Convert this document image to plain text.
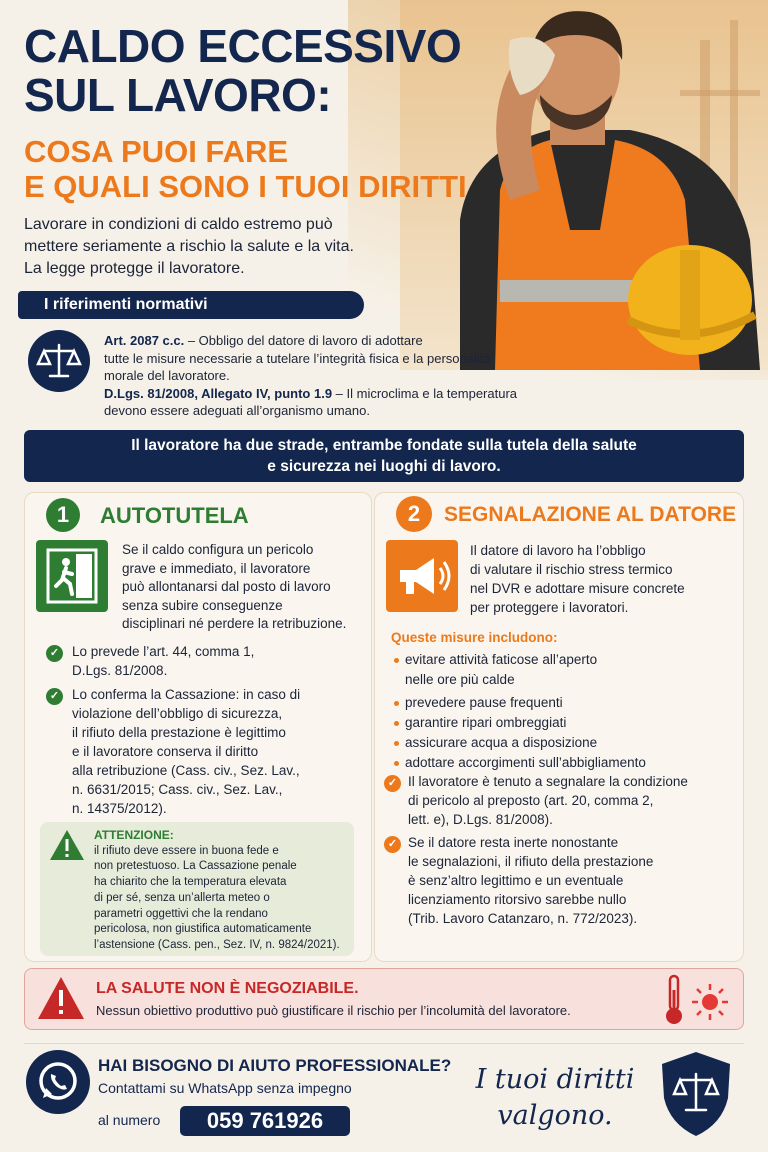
CALDO ECCESSIVO
SUL LAVORO:
COSA PUOI FARE
E QUALI SONO I TUOI DIRITTI
Lavorare in condizioni di caldo estremo può
mettere seriamente a rischio la salute e la vita.
La legge protegge il lavoratore.
I riferimenti normativi
Art. 2087 c.c. – Obbligo del datore di lavoro di adottare
tutte le misure necessarie a tutelare l’integrità fisica e la personalità
morale del lavoratore.
D.Lgs. 81/2008, Allegato IV, punto 1.9 – Il microclima e la temperatura
devono essere adeguati all’organismo umano.
Il lavoratore ha due strade, entrambe fondate sulla tutela della salute
e sicurezza nei luoghi di lavoro.
1	AUTOTUTELA
Se il caldo configura un pericolo
grave e immediato, il lavoratore
può allontanarsi dal posto di lavoro
senza subire conseguenze
disciplinari né perdere la retribuzione.
✓ Lo prevede l’art. 44, comma 1,
D.Lgs. 81/2008.
✓ Lo conferma la Cassazione: in caso di
violazione dell’obbligo di sicurezza,
il rifiuto della prestazione è legittimo
e il lavoratore conserva il diritto
alla retribuzione (Cass. civ., Sez. Lav.,
n. 6631/2015; Cass. civ., Sez. Lav.,
n. 14375/2012).
ATTENZIONE:
il rifiuto deve essere in buona fede e
non pretestuoso. La Cassazione penale
ha chiarito che la temperatura elevata
di per sé, senza un’allerta meteo o
parametri oggettivi che la rendano
pericolosa, non giustifica automaticamente
l’astensione (Cass. pen., Sez. IV, n. 9824/2021).
2	SEGNALAZIONE AL DATORE
Il datore di lavoro ha l’obbligo
di valutare il rischio stress termico
nel DVR e adottare misure concrete
per proteggere i lavoratori.
Queste misure includono:
evitare attività faticose all’aperto
nelle ore più calde
prevedere pause frequenti
garantire ripari ombreggiati
assicurare acqua a disposizione
adottare accorgimenti sull’abbigliamento
✓ Il lavoratore è tenuto a segnalare la condizione
di pericolo al preposto (art. 20, comma 2,
lett. e), D.Lgs. 81/2008).
✓ Se il datore resta inerte nonostante
le segnalazioni, il rifiuto della prestazione
è senz’altro legittimo e un eventuale
licenziamento ritorsivo sarebbe nullo
(Trib. Lavoro Catanzaro, n. 772/2023).
LA SALUTE NON È NEGOZIABILE.
Nessun obiettivo produttivo può giustificare il rischio per l’incolumità del lavoratore.
HAI BISOGNO DI AIUTO PROFESSIONALE?
Contattami su WhatsApp senza impegno
al numero	059 761926
I tuoi diritti
valgono.
